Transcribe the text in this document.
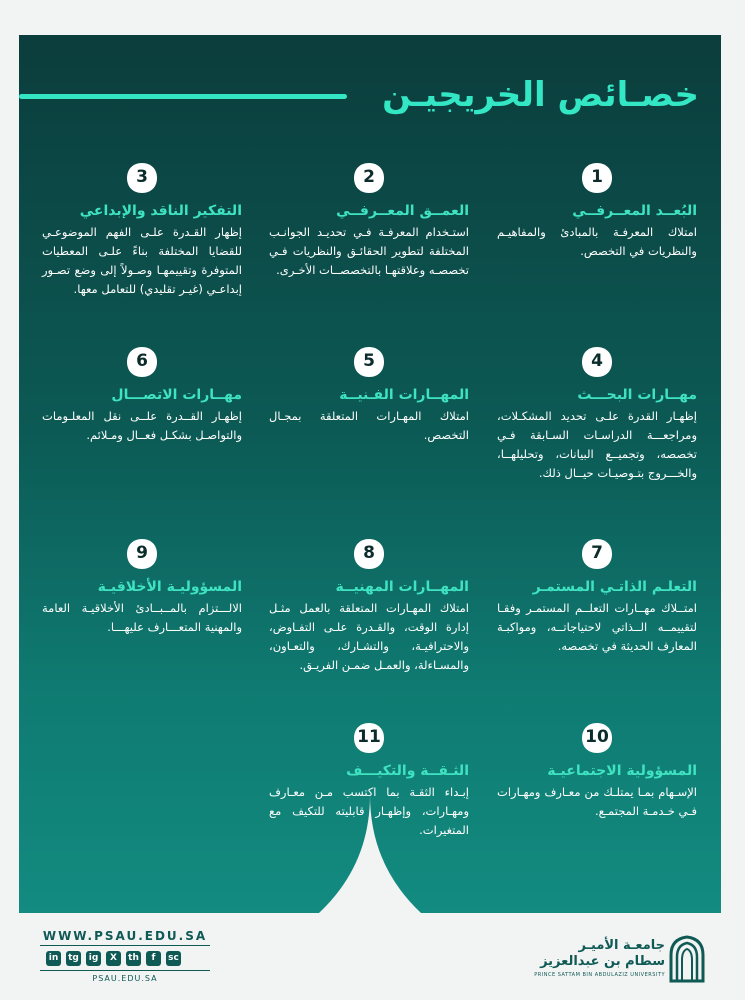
خصـائص الخريجيـن
1
البُعــد المعــرفــي
امتلاك المعرفـة بالمبادئ والمفاهيـم والنظريات في التخصص.
2
العمــق المعــرفــي
استـخدام المعرفـة فـي تحديـد الجوانـب المختلفة لتطوير الحقائـق والنظريات فـي تخصصـه وعلاقتهـا بالتخصصــات الأخـرى.
3
التفكير الناقد والإبداعي
إظهار القـدرة علـى الفهم الموضوعـي للقضايا المختلفة بناءً علـى المعطيات المتوفرة وتقييمهـا وصـولاً إلى وضع تصـور إبداعـي (غيـر تقليدي) للتعامل معها.
4
مهــارات البحـــث
إظهـار القدرة علـى تحديد المشكـلات، ومراجعـــة الدراسـات السـابقة فـي تخصصه، وتجميــع البيانات، وتحليلهــا، والخـــروج بتـوصيـات حيــال ذلك.
5
المهــارات الفـنيــة
امتلاك المهـارات المتعلقة بمجـال التخصص.
6
مهــارات الاتصـــال
إظهـار القــدرة علــى نقل المعلـومات والتواصـل بشكـل فعــال ومـلائم.
7
التعلـم الذاتـي المستمـر
امتــلاك مهــارات التعلــم المستمـر وفقـا لتقييمــه الــذاتي لاحتياجاتــه، ومواكبـة المعارف الحديثة في تخصصه.
8
المهــارات المهنيــة
امتلاك المهـارات المتعلقة بالعمل مثـل إدارة الوقت، والقـدرة علـى التفـاوض، والاحترافيـة، والتشـارك، والتعـاون، والمسـاءلة، والعمـل ضمـن الفريـق.
9
المسؤوليـة الأخلاقيـة
الالـــتزام بالمــبــادئ الأخلاقيـة العامة والمهنية المتعـــارف عليهـــا.
10
المسؤولية الاجتماعيـة
الإسـهام بمـا يمتلـك من معـارف ومهـارات فـي خـدمـة المجتمـع.
11
الثـقــة والتكيـــف
إبـداء الثقـة بما اكتسب مـن معـارف ومهـارات، وإظهـار قابليته للتكيف مع المتغيرات.
WWW.PSAU.EDU.SA
in	tg	ig	X	th	f	sc
PSAU.EDU.SA
جامعـة الأميـر
سطام بن عبدالعزيز
PRINCE SATTAM BIN ABDULAZIZ UNIVERSITY
